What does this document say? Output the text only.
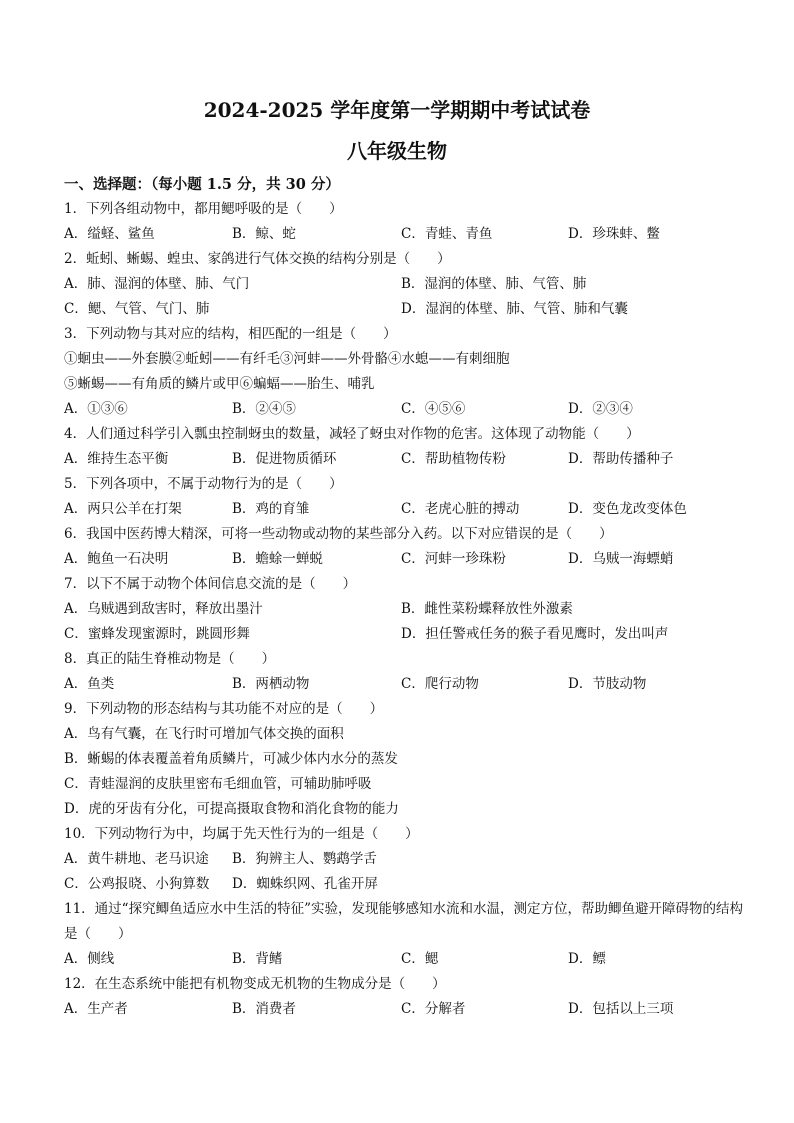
2024-2025 学年度第一学期期中考试试卷
八年级生物
一、选择题：（每小题 1.5 分，共 30 分）
1．下列各组动物中，都用鳃呼吸的是（　　）
A．缢蛏、鲨鱼	B．鲸、蛇	C．青蛙、青鱼	D．珍珠蚌、鳖
2．蚯蚓、蜥蜴、蝗虫、家鸽进行气体交换的结构分别是（　　）
A．肺、湿润的体壁、肺、气门	B．湿润的体壁、肺、气管、肺
C．鳃、气管、气门、肺	D．湿润的体壁、肺、气管、肺和气囊
3．下列动物与其对应的结构，相匹配的一组是（　　）
①蛔虫——外套膜②蚯蚓——有纤毛③河蚌——外骨骼④水螅——有刺细胞
⑤蜥蜴——有角质的鳞片或甲⑥蝙蝠——胎生、哺乳
A．①③⑥	B．②④⑤	C．④⑤⑥	D．②③④
4．人们通过科学引入瓢虫控制蚜虫的数量，减轻了蚜虫对作物的危害。这体现了动物能（　　）
A．维持生态平衡	B．促进物质循环	C．帮助植物传粉	D．帮助传播种子
5．下列各项中，不属于动物行为的是（　　）
A．两只公羊在打架	B．鸡的育雏	C．老虎心脏的搏动	D．变色龙改变体色
6．我国中医药博大精深，可将一些动物或动物的某些部分入药。以下对应错误的是（　　）
A．鲍鱼一石决明	B．蟾蜍一蝉蜕	C．河蚌一珍珠粉	D．乌贼一海螵蛸
7．以下不属于动物个体间信息交流的是（　　）
A．乌贼遇到敌害时，释放出墨汁	B．雌性菜粉蝶释放性外激素
C．蜜蜂发现蜜源时，跳圆形舞	D．担任警戒任务的猴子看见鹰时，发出叫声
8．真正的陆生脊椎动物是（　　）
A．鱼类	B．两栖动物	C．爬行动物	D．节肢动物
9．下列动物的形态结构与其功能不对应的是（　　）
A．鸟有气囊，在飞行时可增加气体交换的面积
B．蜥蜴的体表覆盖着角质鳞片，可减少体内水分的蒸发
C．青蛙湿润的皮肤里密布毛细血管，可辅助肺呼吸
D．虎的牙齿有分化，可提高摄取食物和消化食物的能力
10．下列动物行为中，均属于先天性行为的一组是（　　）
A．黄牛耕地、老马识途 B．狗辨主人、鹦鹉学舌
C．公鸡报晓、小狗算数 D．蜘蛛织网、孔雀开屏
11．通过“探究鲫鱼适应水中生活的特征”实验，发现能够感知水流和水温，测定方位，帮助鲫鱼避开障碍物的结构是（　　）
A．侧线	B．背鳍	C．鳃	D．鳔
12．在生态系统中能把有机物变成无机物的生物成分是（　　）
A．生产者	B．消费者	C．分解者	D．包括以上三项
